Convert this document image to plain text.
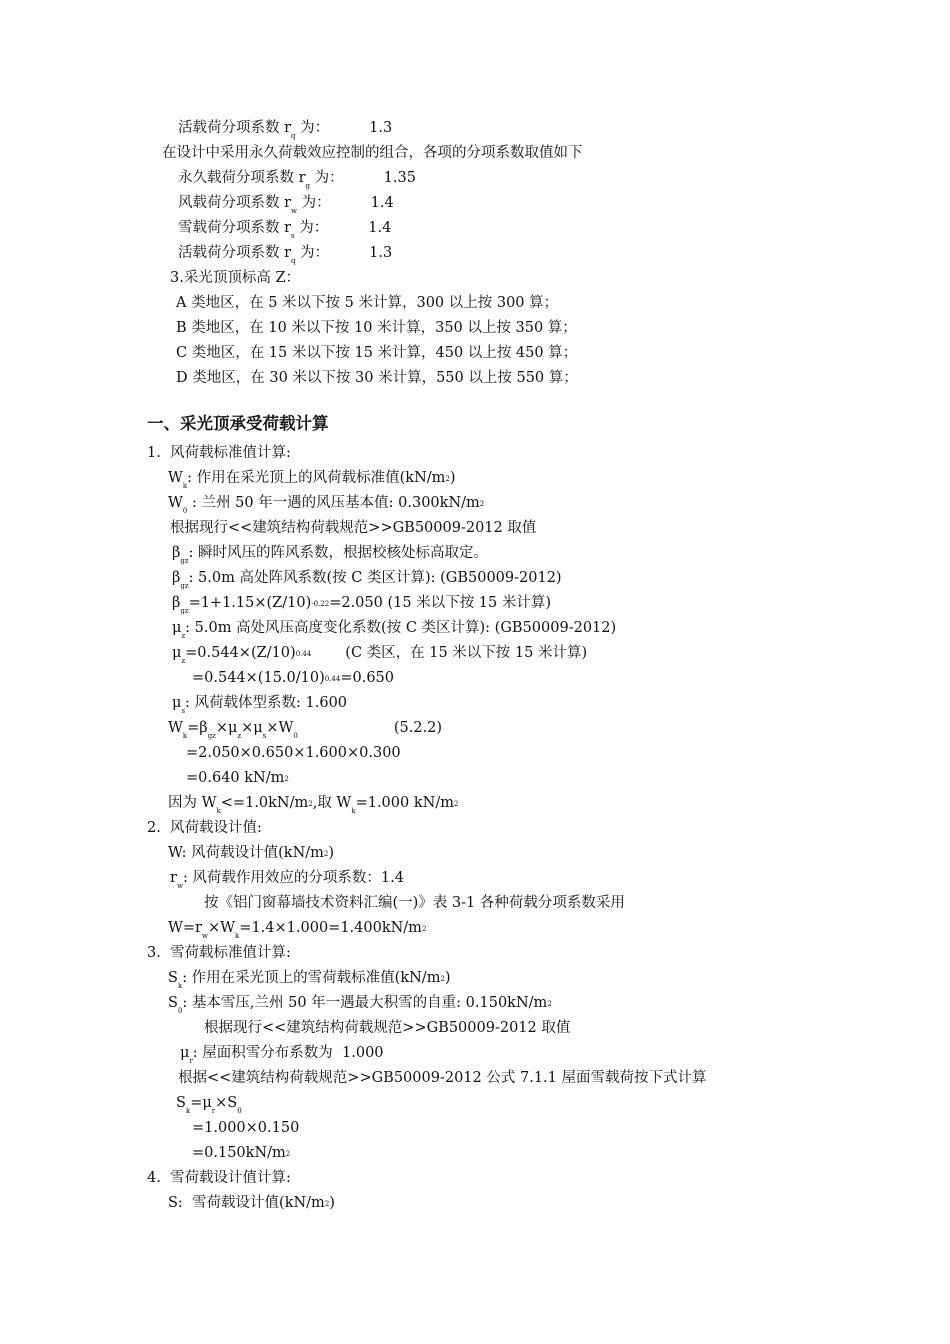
活载荷分项系数 $r_q$ 为：	1.3
在设计中采用永久荷载效应控制的组合，各项的分项系数取值如下
永久载荷分项系数 $r_g$ 为：	1.35
风载荷分项系数 $r_w$ 为：	1.4
雪载荷分项系数 $r_s$ 为：	1.4
活载荷分项系数 $r_q$ 为：	1.3
3.采光顶顶标高 Z：
A 类地区，在 5 米以下按 5 米计算，300 以上按 300 算；
B 类地区，在 10 米以下按 10 米计算，350 以上按 350 算；
C 类地区，在 15 米以下按 15 米计算，450 以上按 450 算；
D 类地区，在 30 米以下按 30 米计算，550 以上按 550 算；
一、采光顶承受荷载计算
1.  风荷载标准值计算:
$W_k$: 作用在采光顶上的风荷载标准值$(kN/m^2)$
$W_0$ : 兰州 50 年一遇的风压基本值: $0.300kN/m^2$
根据现行<<建筑结构荷载规范>>GB50009-2012 取值
$\beta_{gz}$: 瞬时风压的阵风系数，根据校核处标高取定。
$\beta_{gz}$: 5.0m 高处阵风系数(按 C 类区计算): (GB50009-2012)
$\beta_{gz}=1+1.15\times(Z/10)^{-0.22}=2.050$ (15 米以下按 15 米计算)
$\mu_z$: 5.0m 高处风压高度变化系数(按 C 类区计算): (GB50009-2012)
$\mu_z=0.544\times(Z/10)^{0.44}$ (C 类区，在 15 米以下按 15 米计算)
$=0.544\times(15.0/10)^{0.44}=0.650$
$\mu_s$: 风荷载体型系数: 1.600
$W_k=\beta_{gz}\times\mu_z\times\mu_s\times W_0$	(5.2.2)
=2.050×0.650×1.600×0.300
=0.640 $kN/m^2$
因为 $W_k<=1.0kN/m^2$,取 $W_k=1.000$ $kN/m^2$
2.  风荷载设计值:
W: 风荷载设计值$(kN/m^2)$
$r_w$: 风荷载作用效应的分项系数：1.4
按《铝门窗幕墙技术资料汇编(一)》表 3-1 各种荷载分项系数采用
$W=r_w\times W_k=1.4\times 1.000=1.400kN/m^2$
3.  雪荷载标准值计算:
$S_k$: 作用在采光顶上的雪荷载标准值$(kN/m^2)$
$S_0$: 基本雪压,兰州 50 年一遇最大积雪的自重: $0.150kN/m^2$
根据现行<<建筑结构荷载规范>>GB50009-2012 取值
$\mu_r$: 屋面积雪分布系数为  1.000
根据<<建筑结构荷载规范>>GB50009-2012 公式 7.1.1 屋面雪载荷按下式计算
$S_k=\mu_r\times S_0$
=1.000×0.150
$=0.150kN/m^2$
4.  雪荷载设计值计算:
S:  雪荷载设计值$(kN/m^2)$
